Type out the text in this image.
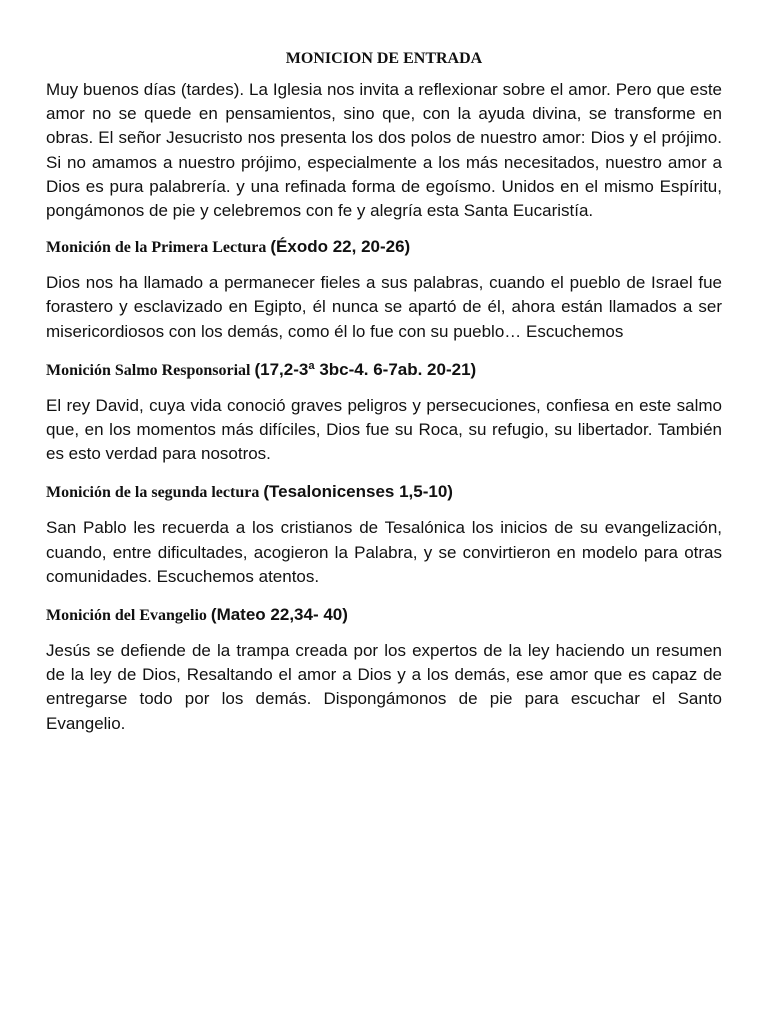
MONICION DE ENTRADA

Muy buenos días (tardes). La Iglesia nos invita a reflexionar sobre el amor. Pero que este amor no se quede en pensamientos, sino que, con la ayuda divina, se transforme en obras. El señor Jesucristo nos presenta los dos polos de nuestro amor: Dios y el prójimo. Si no amamos a nuestro prójimo, especialmente a los más necesitados, nuestro amor a Dios es pura palabrería. y una refinada forma de egoísmo. Unidos en el mismo Espíritu, pongámonos de pie y celebremos con fe y alegría esta Santa Eucaristía.

Monición de la Primera Lectura (Éxodo 22, 20-26)

Dios nos ha llamado a permanecer fieles a sus palabras, cuando el pueblo de Israel fue forastero y esclavizado en Egipto, él nunca se apartó de él, ahora están llamados a ser misericordiosos con los demás, como él lo fue con su pueblo… Escuchemos

Monición Salmo Responsorial (17,2-3ª 3bc-4. 6-7ab. 20-21)

El rey David, cuya vida conoció graves peligros y persecuciones, confiesa en este salmo que, en los momentos más difíciles, Dios fue su Roca, su refugio, su libertador. También es esto verdad para nosotros.

Monición de la segunda lectura (Tesalonicenses 1,5-10)

San Pablo les recuerda a los cristianos de Tesalónica los inicios de su evangelización, cuando, entre dificultades, acogieron la Palabra, y se convirtieron en modelo para otras comunidades. Escuchemos atentos.

Monición del Evangelio (Mateo 22,34- 40)

Jesús se defiende de la trampa creada por los expertos de la ley haciendo un resumen de la ley de Dios, Resaltando el amor a Dios y a los demás, ese amor que es capaz de entregarse todo por los demás. Dispongámonos de pie para escuchar el Santo Evangelio.
